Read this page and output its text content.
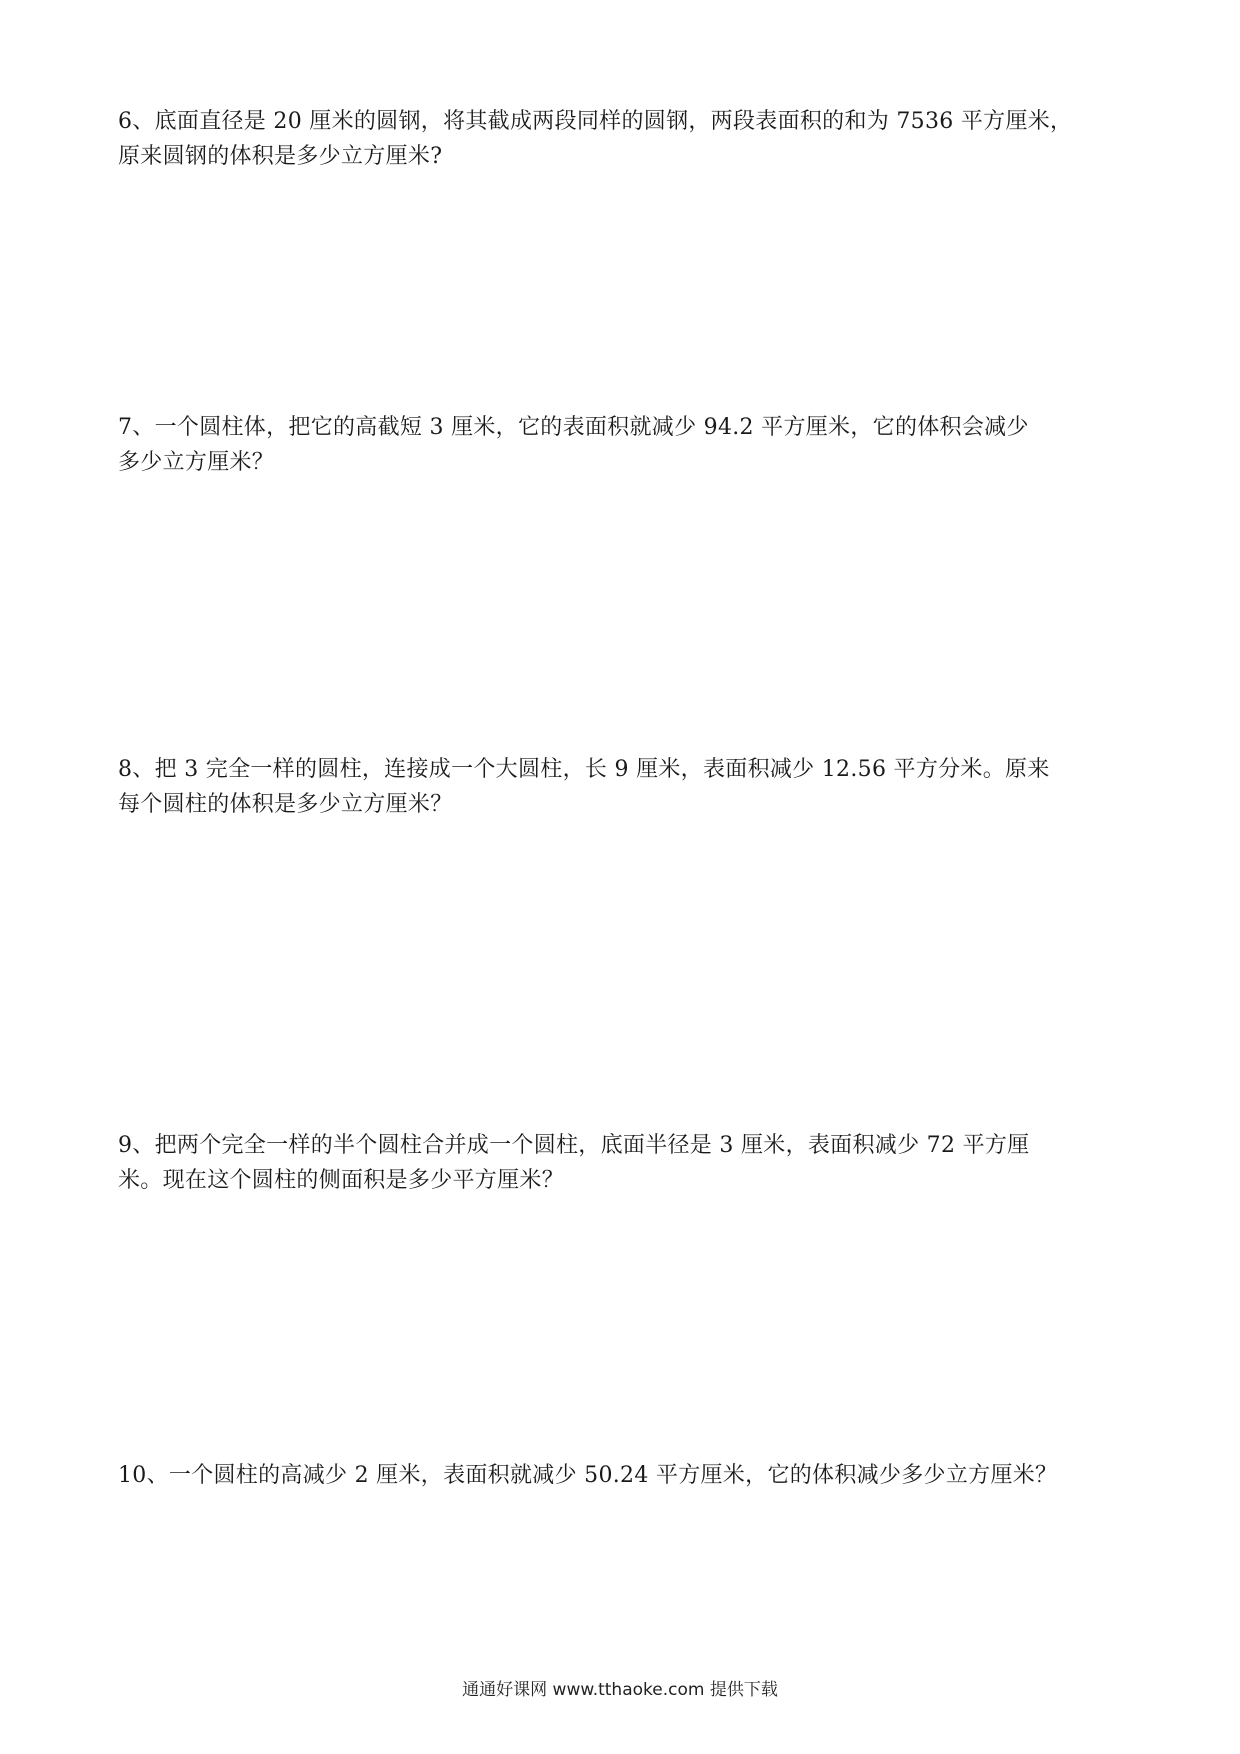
6、底面直径是 20 厘米的圆钢，将其截成两段同样的圆钢，两段表面积的和为 7536 平方厘米，
原来圆钢的体积是多少立方厘米?
7、一个圆柱体，把它的高截短 3 厘米，它的表面积就减少 94.2 平方厘米，它的体积会减少
多少立方厘米？
8、把 3 完全一样的圆柱，连接成一个大圆柱，长 9 厘米，表面积减少 12.56 平方分米。原来
每个圆柱的体积是多少立方厘米？
9、把两个完全一样的半个圆柱合并成一个圆柱，底面半径是 3 厘米，表面积减少 72 平方厘
米。现在这个圆柱的侧面积是多少平方厘米？
10、一个圆柱的高减少 2 厘米，表面积就减少 50.24 平方厘米，它的体积减少多少立方厘米？
通通好课网 www.tthaoke.com 提供下载
